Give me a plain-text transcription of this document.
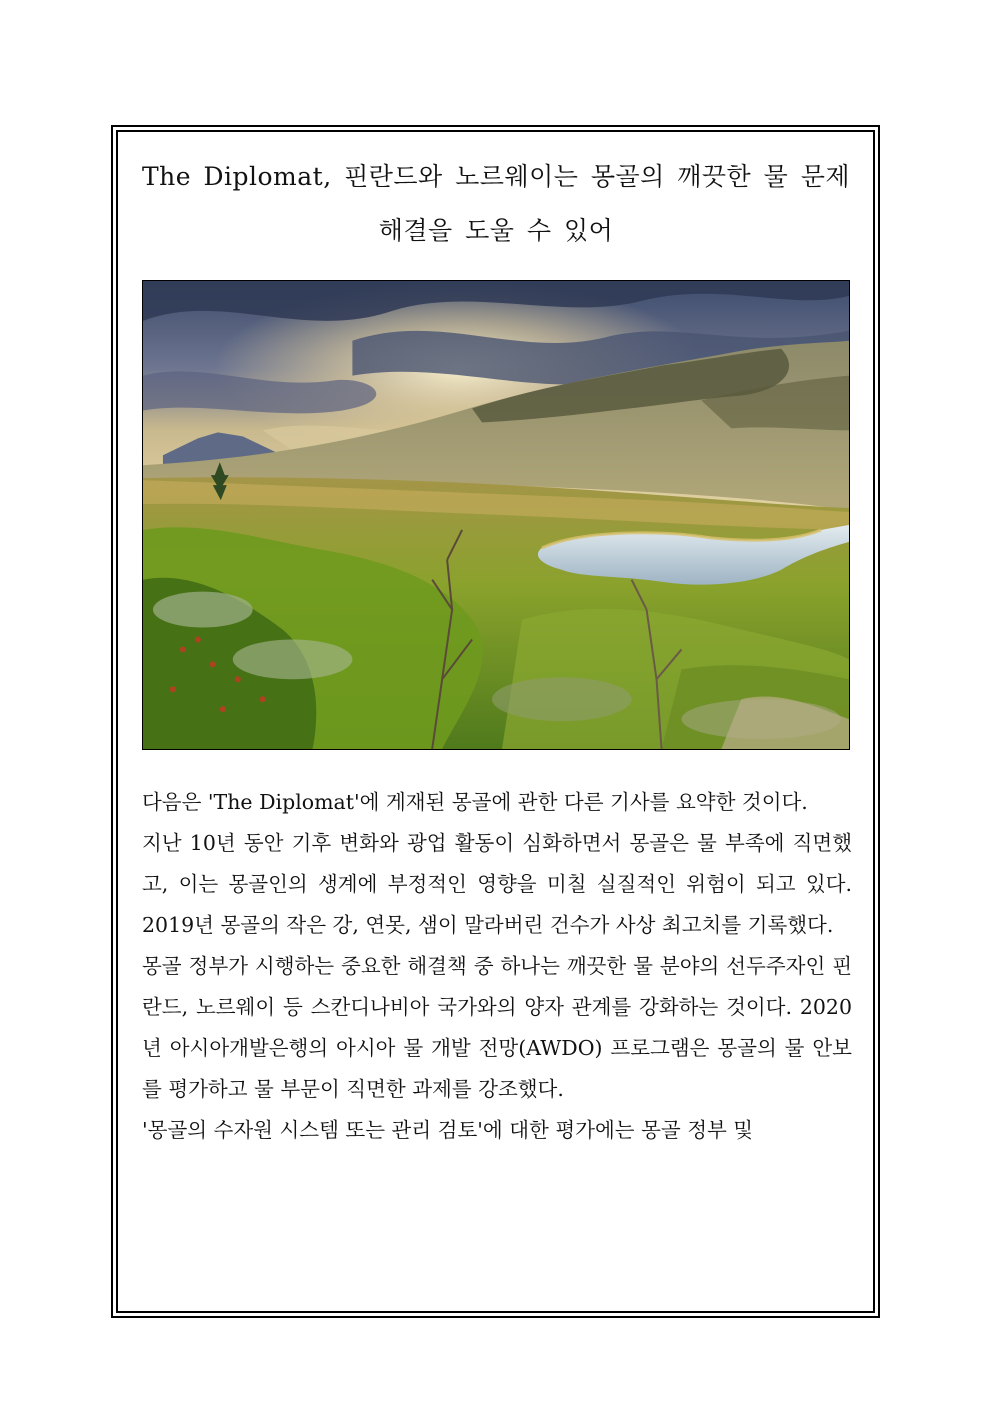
The Diplomat, 핀란드와 노르웨이는 몽골의 깨끗한 물 문제 해결을 도울 수 있어

다음은 'The Diplomat'에 게재된 몽골에 관한 다른 기사를 요약한 것이다.

지난 10년 동안 기후 변화와 광업 활동이 심화하면서 몽골은 물 부족에 직면했고, 이는 몽골인의 생계에 부정적인 영향을 미칠 실질적인 위험이 되고 있다. 2019년 몽골의 작은 강, 연못, 샘이 말라버린 건수가 사상 최고치를 기록했다.

몽골 정부가 시행하는 중요한 해결책 중 하나는 깨끗한 물 분야의 선두주자인 핀란드, 노르웨이 등 스칸디나비아 국가와의 양자 관계를 강화하는 것이다. 2020년 아시아개발은행의 아시아 물 개발 전망(AWDO) 프로그램은 몽골의 물 안보를 평가하고 물 부문이 직면한 과제를 강조했다.

'몽골의 수자원 시스템 또는 관리 검토'에 대한 평가에는 몽골 정부 및
